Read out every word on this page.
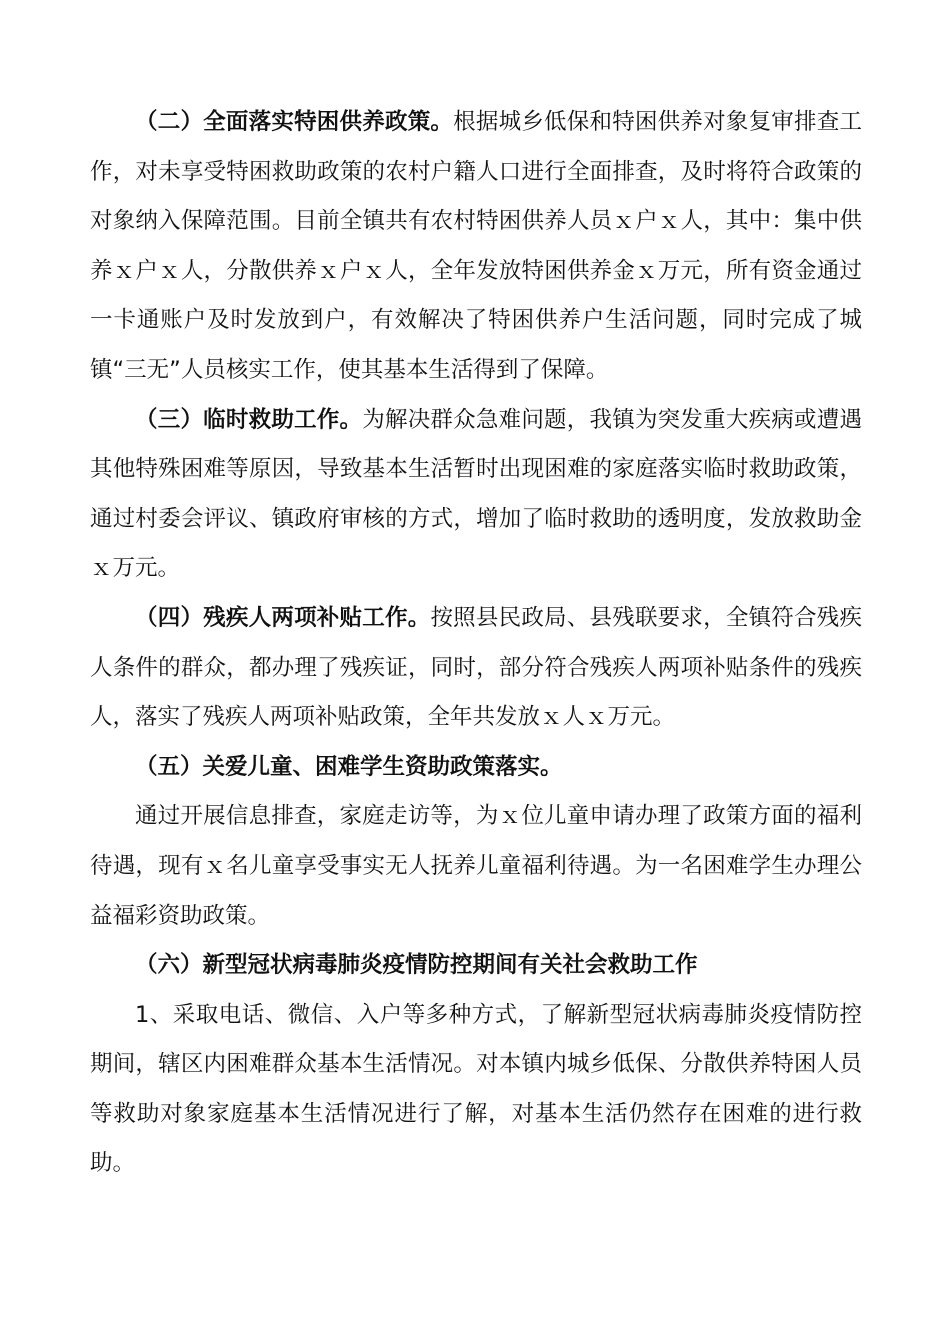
（二）全面落实特困供养政策。根据城乡低保和特困供养对象复审排查工作，对未享受特困救助政策的农村户籍人口进行全面排查，及时将符合政策的对象纳入保障范围。目前全镇共有农村特困供养人员ｘ户ｘ人，其中：集中供养ｘ户ｘ人，分散供养ｘ户ｘ人，全年发放特困供养金ｘ万元，所有资金通过一卡通账户及时发放到户，有效解决了特困供养户生活问题，同时完成了城镇“三无”人员核实工作，使其基本生活得到了保障。

（三）临时救助工作。为解决群众急难问题，我镇为突发重大疾病或遭遇其他特殊困难等原因，导致基本生活暂时出现困难的家庭落实临时救助政策，通过村委会评议、镇政府审核的方式，增加了临时救助的透明度，发放救助金ｘ万元。

（四）残疾人两项补贴工作。按照县民政局、县残联要求，全镇符合残疾人条件的群众，都办理了残疾证，同时，部分符合残疾人两项补贴条件的残疾人，落实了残疾人两项补贴政策，全年共发放ｘ人ｘ万元。

（五）关爱儿童、困难学生资助政策落实。

通过开展信息排查，家庭走访等，为ｘ位儿童申请办理了政策方面的福利待遇，现有ｘ名儿童享受事实无人抚养儿童福利待遇。为一名困难学生办理公益福彩资助政策。

（六）新型冠状病毒肺炎疫情防控期间有关社会救助工作

1、采取电话、微信、入户等多种方式，了解新型冠状病毒肺炎疫情防控期间，辖区内困难群众基本生活情况。对本镇内城乡低保、分散供养特困人员等救助对象家庭基本生活情况进行了解，对基本生活仍然存在困难的进行救助。
